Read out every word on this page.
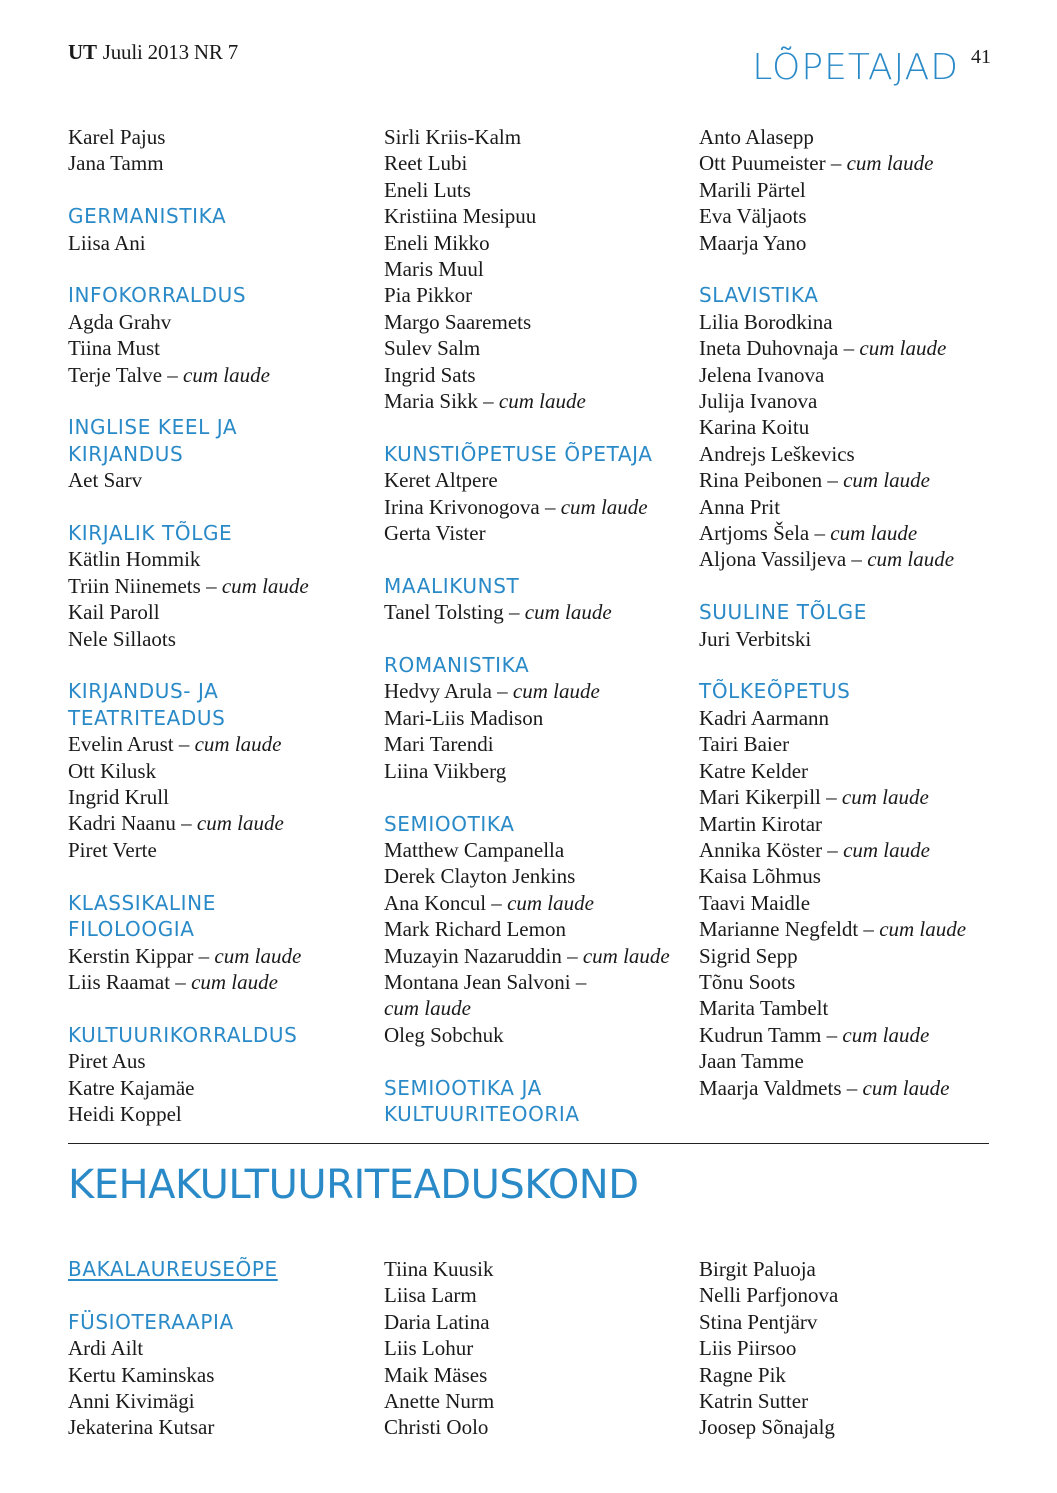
UT Juuli 2013 NR 7	LÕPETAJAD 41
Karel Pajus
Jana Tamm
GERMANISTIKA
Liisa Ani
INFOKORRALDUS
Agda Grahv
Tiina Must
Terje Talve – cum laude
INGLISE KEEL JA
KIRJANDUS
Aet Sarv
KIRJALIK TÕLGE
Kätlin Hommik
Triin Niinemets – cum laude
Kail Paroll
Nele Sillaots
KIRJANDUS- JA
TEATRITEADUS
Evelin Arust – cum laude
Ott Kilusk
Ingrid Krull
Kadri Naanu – cum laude
Piret Verte
KLASSIKALINE
FILOLOOGIA
Kerstin Kippar – cum laude
Liis Raamat – cum laude
KULTUURIKORRALDUS
Piret Aus
Katre Kajamäe
Heidi Koppel
Sirli Kriis-Kalm
Reet Lubi
Eneli Luts
Kristiina Mesipuu
Eneli Mikko
Maris Muul
Pia Pikkor
Margo Saaremets
Sulev Salm
Ingrid Sats
Maria Sikk – cum laude
KUNSTIÕPETUSE ÕPETAJA
Keret Altpere
Irina Krivonogova – cum laude
Gerta Vister
MAALIKUNST
Tanel Tolsting – cum laude
ROMANISTIKA
Hedvy Arula – cum laude
Mari-Liis Madison
Mari Tarendi
Liina Viikberg
SEMIOOTIKA
Matthew Campanella
Derek Clayton Jenkins
Ana Koncul – cum laude
Mark Richard Lemon
Muzayin Nazaruddin – cum laude
Montana Jean Salvoni –
cum laude
Oleg Sobchuk
SEMIOOTIKA JA
KULTUURITEOORIA
Anto Alasepp
Ott Puumeister – cum laude
Marili Pärtel
Eva Väljaots
Maarja Yano
SLAVISTIKA
Lilia Borodkina
Ineta Duhovnaja – cum laude
Jelena Ivanova
Julija Ivanova
Karina Koitu
Andrejs Leškevics
Rina Peibonen – cum laude
Anna Prit
Artjoms Šela – cum laude
Aljona Vassiljeva – cum laude
SUULINE TÕLGE
Juri Verbitski
TÕLKEÕPETUS
Kadri Aarmann
Tairi Baier
Katre Kelder
Mari Kikerpill – cum laude
Martin Kirotar
Annika Köster – cum laude
Kaisa Lõhmus
Taavi Maidle
Marianne Negfeldt – cum laude
Sigrid Sepp
Tõnu Soots
Marita Tambelt
Kudrun Tamm – cum laude
Jaan Tamme
Maarja Valdmets – cum laude
KEHAKULTUURITEADUSKOND
BAKALAUREUSEÕPE
FÜSIOTERAAPIA
Ardi Ailt
Kertu Kaminskas
Anni Kivimägi
Jekaterina Kutsar
Tiina Kuusik
Liisa Larm
Daria Latina
Liis Lohur
Maik Mäses
Anette Nurm
Christi Oolo
Birgit Paluoja
Nelli Parfjonova
Stina Pentjärv
Liis Piirsoo
Ragne Pik
Katrin Sutter
Joosep Sõnajalg
